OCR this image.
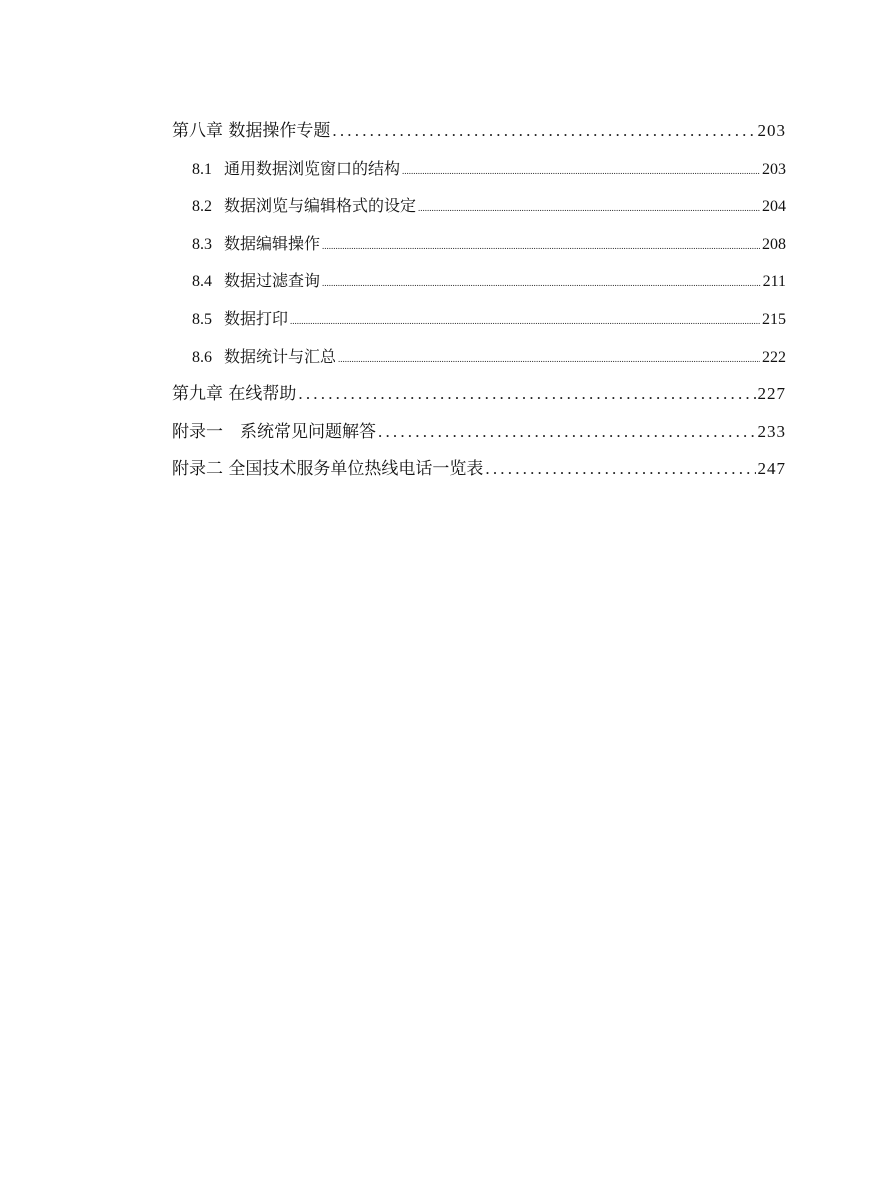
第八章 数据操作专题 .....	203
8.1 通用数据浏览窗口的结构 .....	203
8.2 数据浏览与编辑格式的设定 .....	204
8.3 数据编辑操作 .....	208
8.4 数据过滤查询 .....	211
8.5 数据打印 .....	215
8.6 数据统计与汇总 .....	222
第九章 在线帮助 .....	227
附录一　系统常见问题解答 .....	233
附录二 全国技术服务单位热线电话一览表 .....	247
